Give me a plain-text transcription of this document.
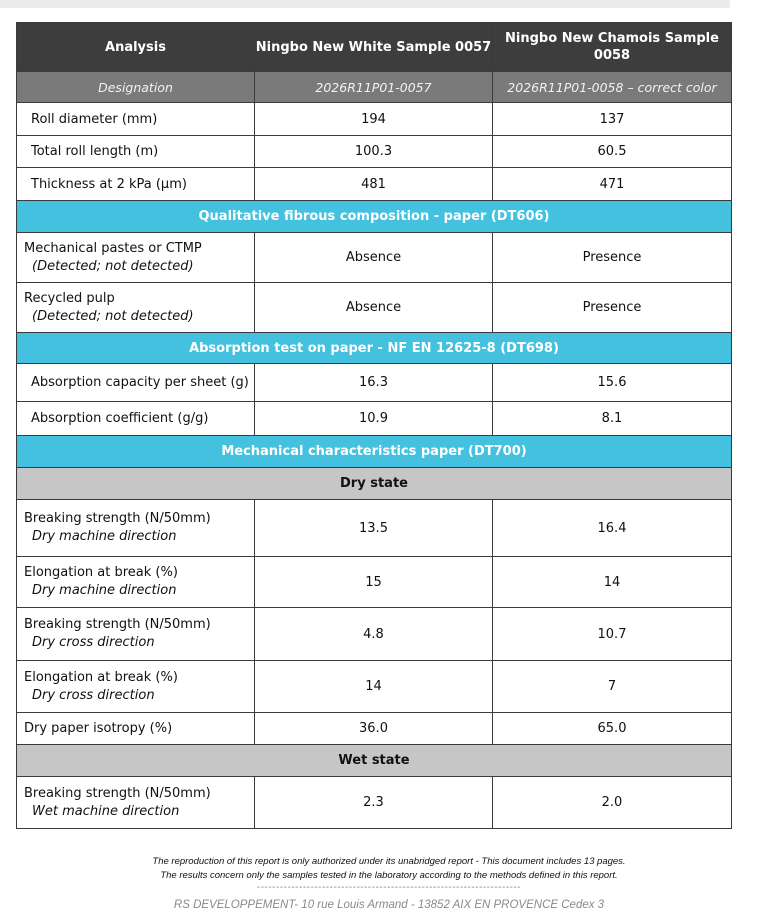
Analysis	Ningbo New White Sample 0057	Ningbo New Chamois Sample 0058
Designation	2026R11P01-0057	2026R11P01-0058 – correct color
Roll diameter (mm)	194	137
Total roll length (m)	100.3	60.5
Thickness at 2 kPa (µm)	481	471
Qualitative fibrous composition - paper (DT606)		
Mechanical pastes or CTMP
(Detected; not detected)	Absence	Presence
Recycled pulp
(Detected; not detected)	Absence	Presence
Absorption test on paper - NF EN 12625-8 (DT698)		
Absorption capacity per sheet (g)	16.3	15.6
Absorption coefficient (g/g)	10.9	8.1
Mechanical characteristics paper (DT700)		
Dry state		
Breaking strength (N/50mm)
Dry machine direction	13.5	16.4
Elongation at break (%)
Dry machine direction	15	14
Breaking strength (N/50mm)
Dry cross direction	4.8	10.7
Elongation at break (%)
Dry cross direction	14	7
Dry paper isotropy (%)	36.0	65.0
Wet state		
Breaking strength (N/50mm)
Wet machine direction	2.3	2.0
The reproduction of this report is only authorized under its unabridged report - This document includes 13 pages.
The results concern only the samples tested in the laboratory according to the methods defined in this report.
---------------------------------------------------------------------
RS DEVELOPPEMENT- 10 rue Louis Armand - 13852 AIX EN PROVENCE Cedex 3
